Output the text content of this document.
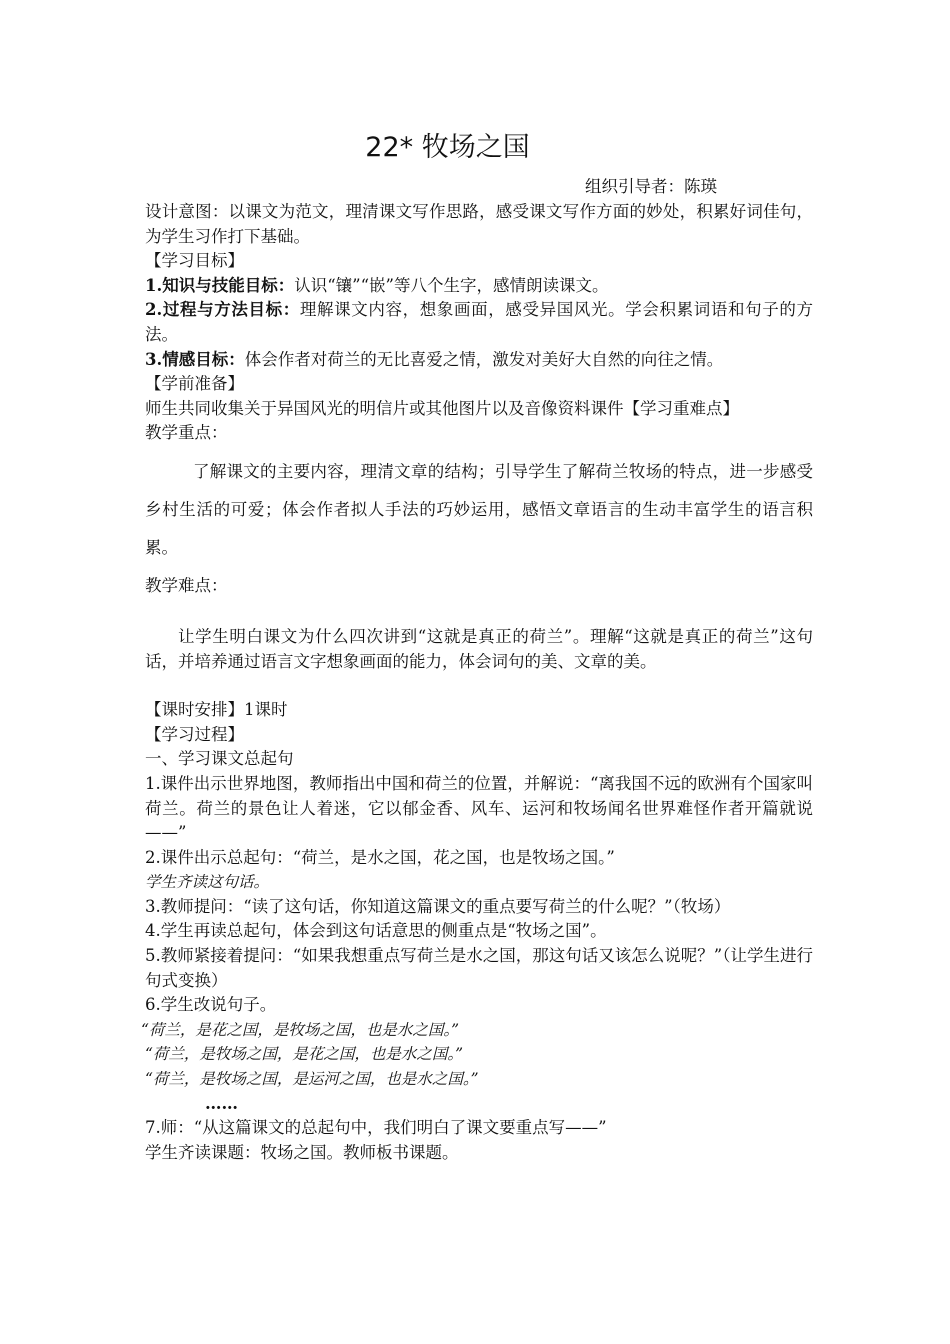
22* 牧场之国
组织引导者：陈瑛

设计意图：以课文为范文，理清课文写作思路，感受课文写作方面的妙处，积累好词佳句，为学生习作打下基础。

【学习目标】

1.知识与技能目标：认识“镶”“嵌”等八个生字，感情朗读课文。

2.过程与方法目标：理解课文内容，想象画面，感受异国风光。学会积累词语和句子的方法。

3.情感目标：体会作者对荷兰的无比喜爱之情，激发对美好大自然的向往之情。

【学前准备】

师生共同收集关于异国风光的明信片或其他图片以及音像资料课件【学习重难点】

教学重点：

了解课文的主要内容，理清文章的结构；引导学生了解荷兰牧场的特点，进一步感受乡村生活的可爱；体会作者拟人手法的巧妙运用，感悟文章语言的生动丰富学生的语言积累。

教学难点：

让学生明白课文为什么四次讲到“这就是真正的荷兰”。理解“这就是真正的荷兰”这句话，并培养通过语言文字想象画面的能力，体会词句的美、文章的美。

【课时安排】1课时

【学习过程】

一、学习课文总起句

1.课件出示世界地图，教师指出中国和荷兰的位置，并解说：“离我国不远的欧洲有个国家叫荷兰。荷兰的景色让人着迷，它以郁金香、风车、运河和牧场闻名世界难怪作者开篇就说——”

2.课件出示总起句：“荷兰，是水之国，花之国，也是牧场之国。”

学生齐读这句话。

3.教师提问：“读了这句话，你知道这篇课文的重点要写荷兰的什么呢？”（牧场）

4.学生再读总起句，体会到这句话意思的侧重点是“牧场之国”。

5.教师紧接着提问：“如果我想重点写荷兰是水之国，那这句话又该怎么说呢？”（让学生进行句式变换）

6.学生改说句子。

“荷兰，是花之国，是牧场之国，也是水之国。”

“荷兰，是牧场之国，是花之国，也是水之国。”

“荷兰，是牧场之国，是运河之国，也是水之国。”

……

7.师：“从这篇课文的总起句中，我们明白了课文要重点写——”

学生齐读课题：牧场之国。教师板书课题。
